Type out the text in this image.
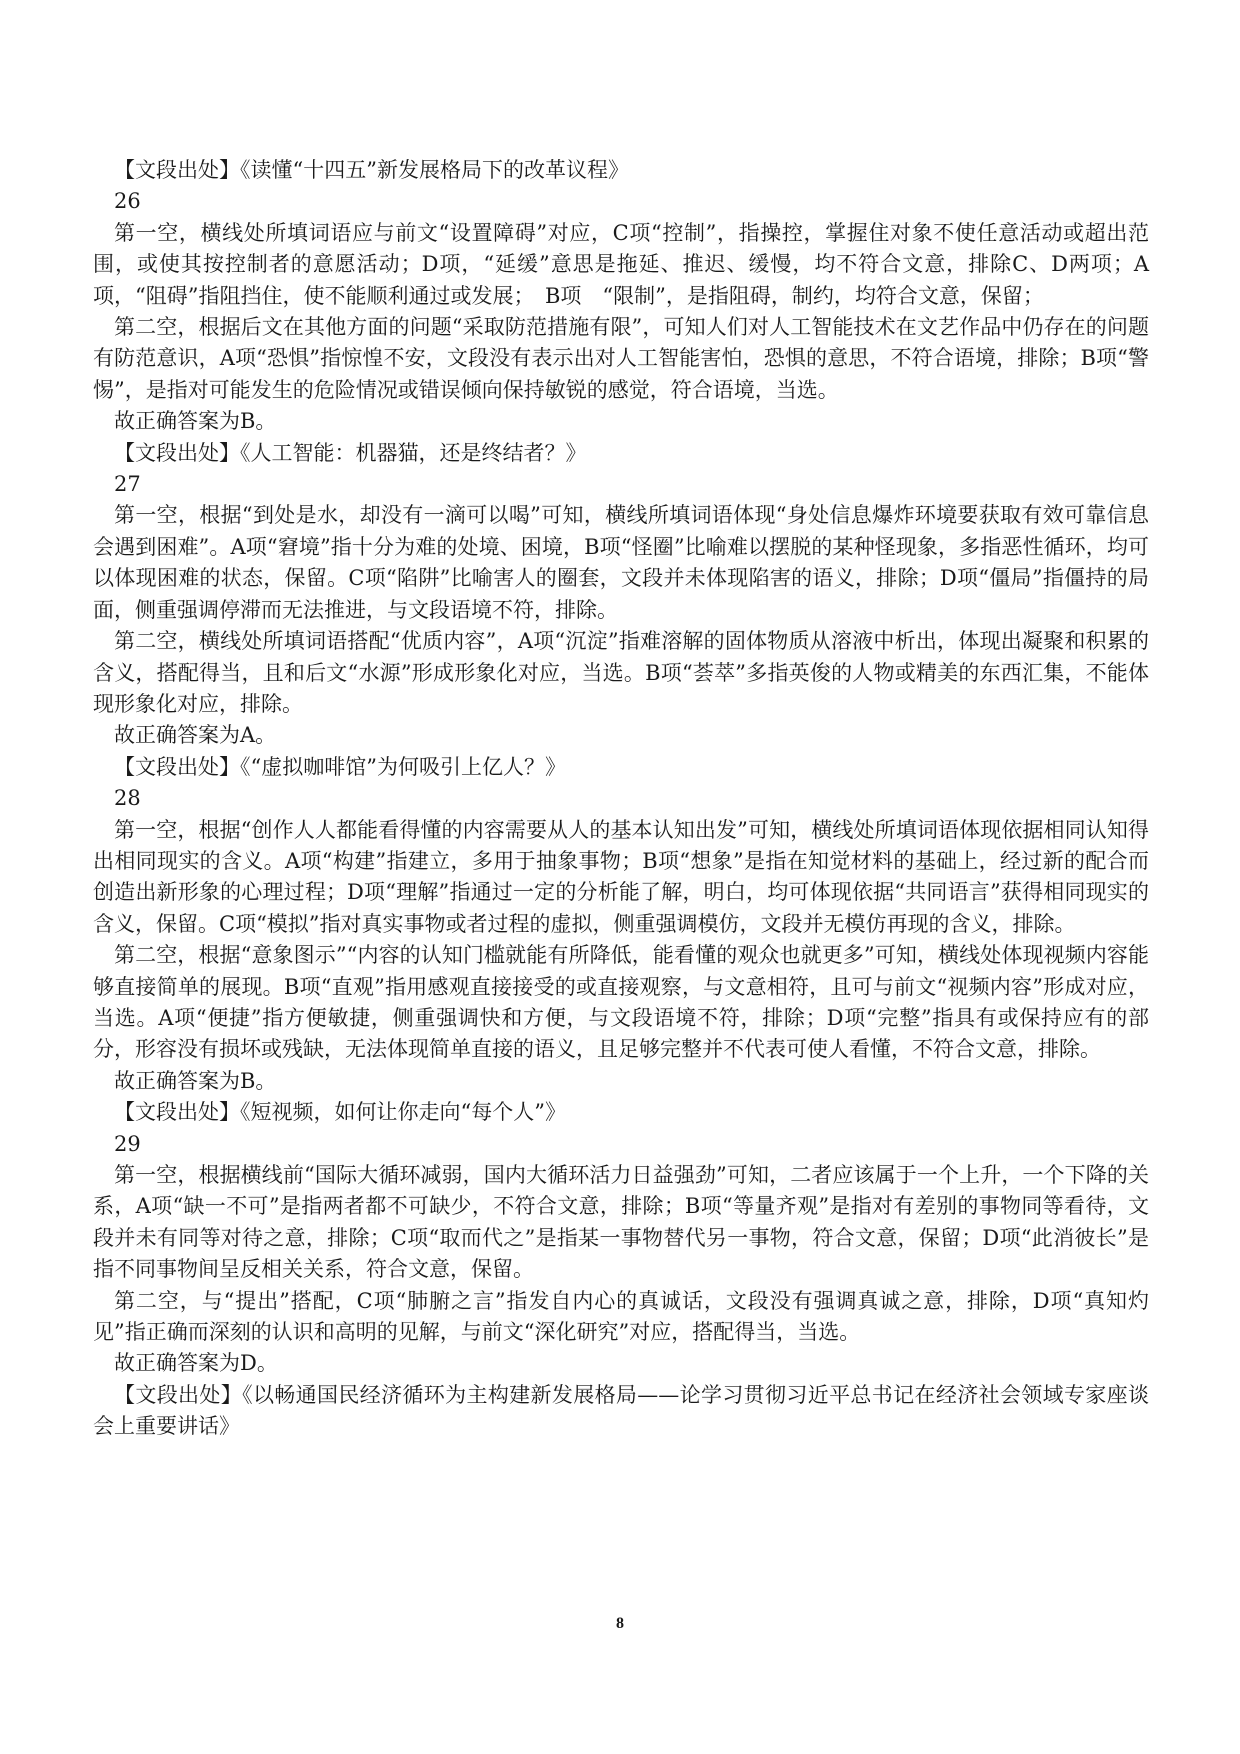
【文段出处】《读懂“十四五”新发展格局下的改革议程》

26

第一空，横线处所填词语应与前文“设置障碍”对应，C项“控制”，指操控，掌握住对象不使任意活动或超出范围，或使其按控制者的意愿活动；D项，“延缓”意思是拖延、推迟、缓慢，均不符合文意，排除C、D两项；A项，“阻碍”指阻挡住，使不能顺利通过或发展；　B项　“限制”，是指阻碍，制约，均符合文意，保留；

第二空，根据后文在其他方面的问题“采取防范措施有限”，可知人们对人工智能技术在文艺作品中仍存在的问题有防范意识，A项“恐惧”指惊惶不安，文段没有表示出对人工智能害怕，恐惧的意思，不符合语境，排除；B项“警惕”，是指对可能发生的危险情况或错误倾向保持敏锐的感觉，符合语境，当选。

故正确答案为B。

【文段出处】《人工智能：机器猫，还是终结者？》

27

第一空，根据“到处是水，却没有一滴可以喝”可知，横线所填词语体现“身处信息爆炸环境要获取有效可靠信息会遇到困难”。A项“窘境”指十分为难的处境、困境，B项“怪圈”比喻难以摆脱的某种怪现象，多指恶性循环，均可以体现困难的状态，保留。C项“陷阱”比喻害人的圈套，文段并未体现陷害的语义，排除；D项“僵局”指僵持的局面，侧重强调停滞而无法推进，与文段语境不符，排除。

第二空，横线处所填词语搭配“优质内容”，A项“沉淀”指难溶解的固体物质从溶液中析出，体现出凝聚和积累的含义，搭配得当，且和后文“水源”形成形象化对应，当选。B项“荟萃”多指英俊的人物或精美的东西汇集，不能体现形象化对应，排除。

故正确答案为A。

【文段出处】《“虚拟咖啡馆”为何吸引上亿人？》

28

第一空，根据“创作人人都能看得懂的内容需要从人的基本认知出发”可知，横线处所填词语体现依据相同认知得出相同现实的含义。A项“构建”指建立，多用于抽象事物；B项“想象”是指在知觉材料的基础上，经过新的配合而创造出新形象的心理过程；D项“理解”指通过一定的分析能了解，明白，均可体现依据“共同语言”获得相同现实的含义，保留。C项“模拟”指对真实事物或者过程的虚拟，侧重强调模仿，文段并无模仿再现的含义，排除。

第二空，根据“意象图示”“内容的认知门槛就能有所降低，能看懂的观众也就更多”可知，横线处体现视频内容能够直接简单的展现。B项“直观”指用感观直接接受的或直接观察，与文意相符，且可与前文“视频内容”形成对应，当选。A项“便捷”指方便敏捷，侧重强调快和方便，与文段语境不符，排除；D项“完整”指具有或保持应有的部分，形容没有损坏或残缺，无法体现简单直接的语义，且足够完整并不代表可使人看懂，不符合文意，排除。

故正确答案为B。

【文段出处】《短视频，如何让你走向“每个人”》

29

第一空，根据横线前“国际大循环减弱，国内大循环活力日益强劲”可知，二者应该属于一个上升，一个下降的关系，A项“缺一不可”是指两者都不可缺少，不符合文意，排除；B项“等量齐观”是指对有差别的事物同等看待，文段并未有同等对待之意，排除；C项“取而代之”是指某一事物替代另一事物，符合文意，保留；D项“此消彼长”是指不同事物间呈反相关关系，符合文意，保留。

第二空，与“提出”搭配，C项“肺腑之言”指发自内心的真诚话，文段没有强调真诚之意，排除，D项“真知灼见”指正确而深刻的认识和高明的见解，与前文“深化研究”对应，搭配得当，当选。

故正确答案为D。

【文段出处】《以畅通国民经济循环为主构建新发展格局——论学习贯彻习近平总书记在经济社会领域专家座谈会上重要讲话》

8
